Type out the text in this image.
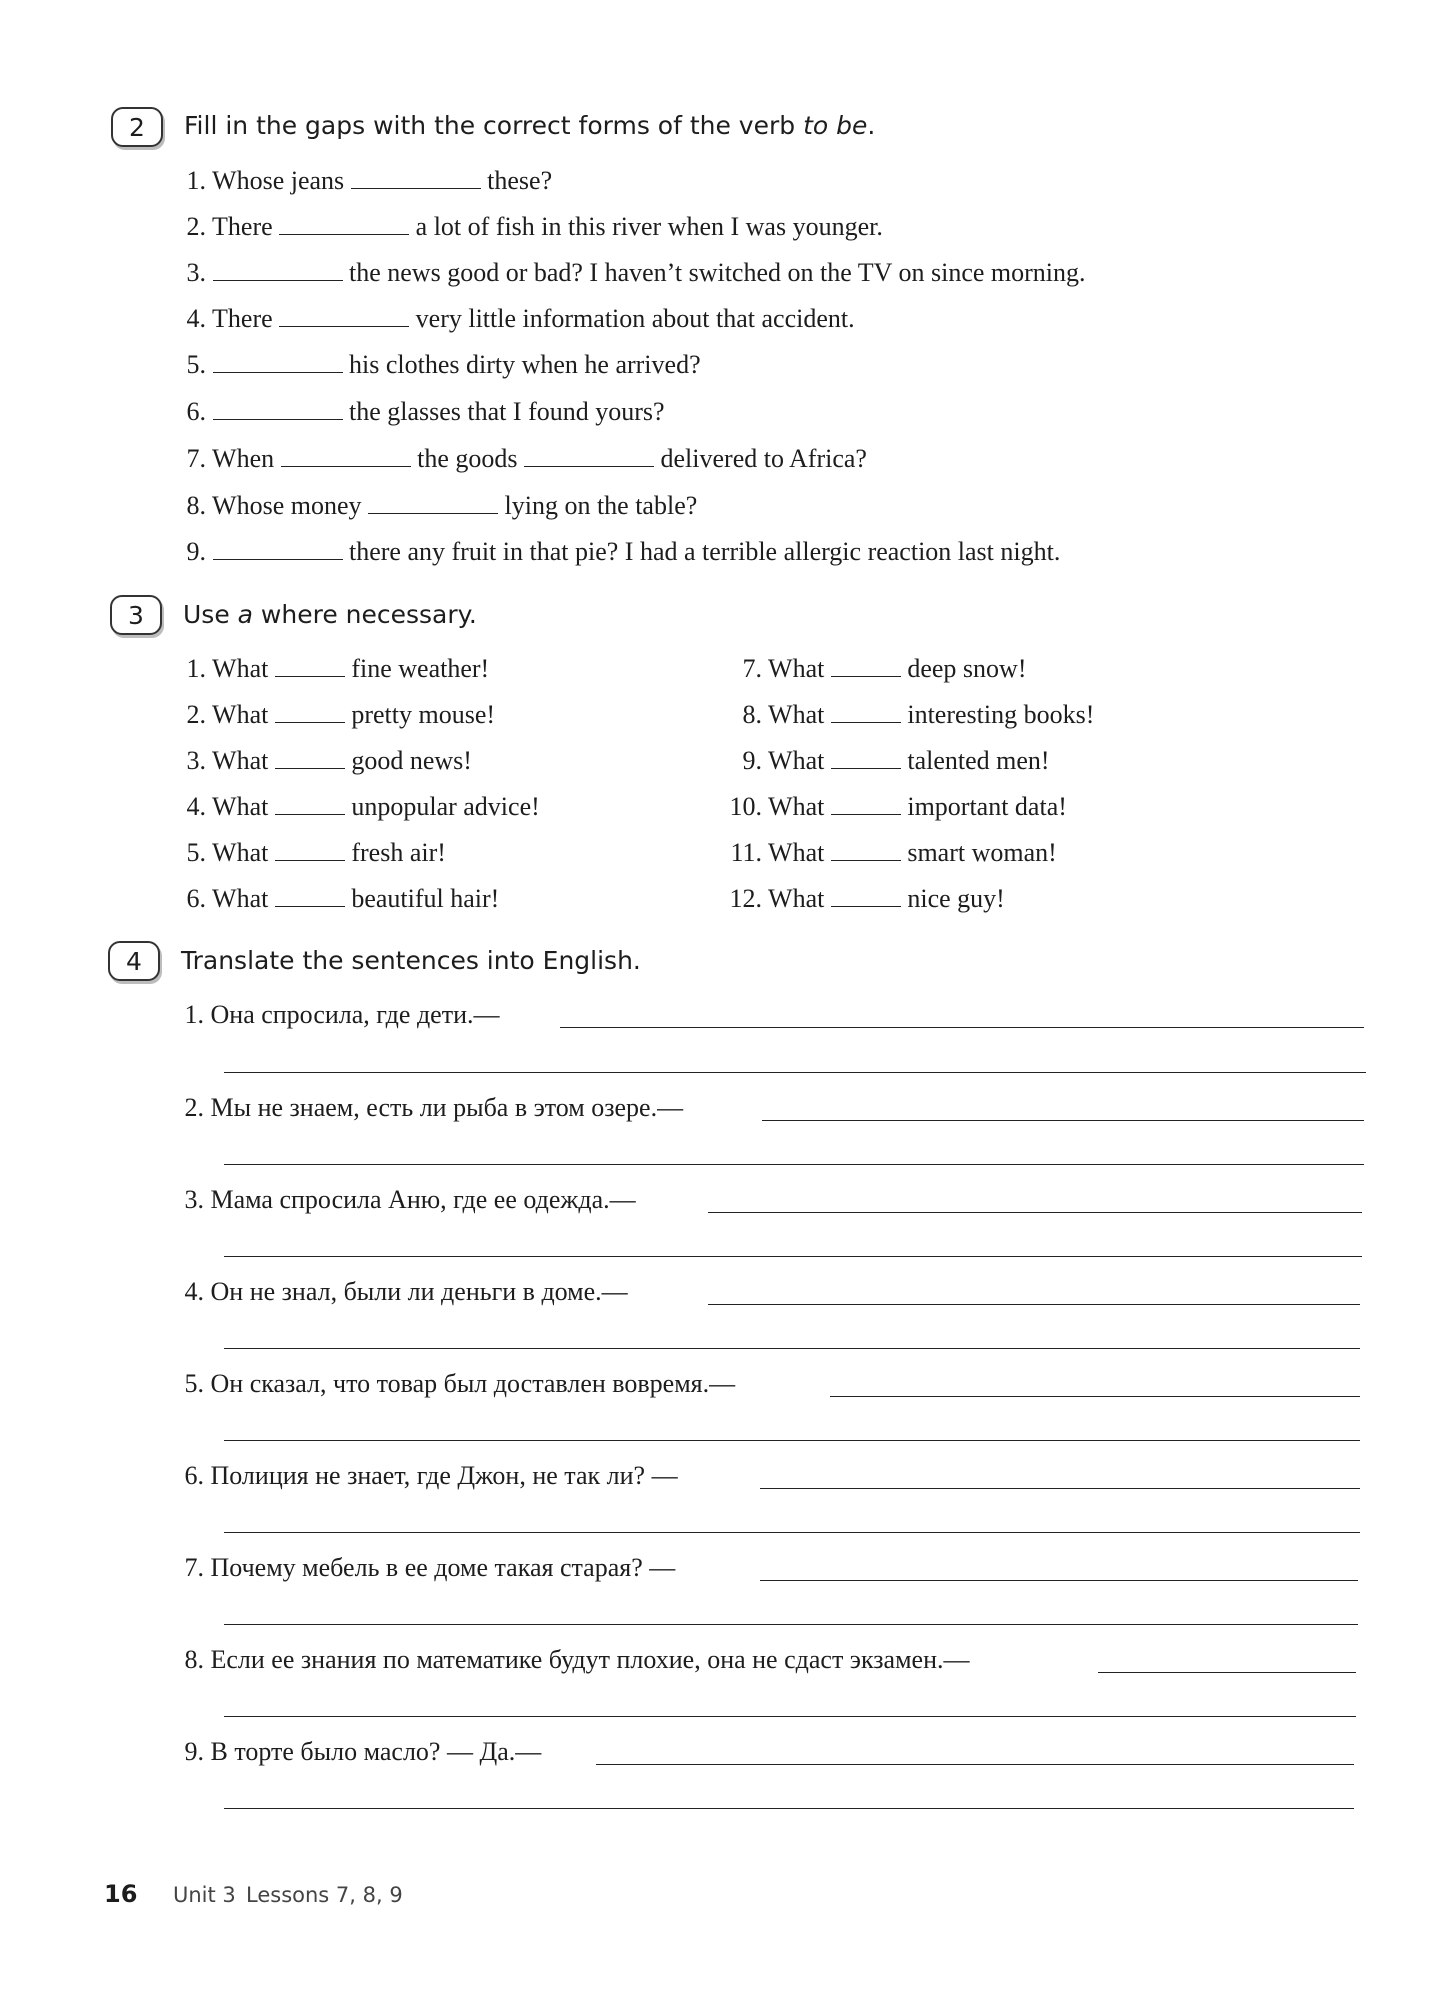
2	Fill in the gaps with the correct forms of the verb to be.
1. Whose jeans	these?
2. There	a lot of fish in this river when I was younger.
3.	the news good or bad? I haven’t switched on the TV on since morning.
4. There	very little information about that accident.
5.	his clothes dirty when he arrived?
6.	the glasses that I found yours?
7. When	the goods	delivered to Africa?
8. Whose money	lying on the table?
9.	there any fruit in that pie? I had a terrible allergic reaction last night.
3	Use a where necessary.
1. What	fine weather!
2. What	pretty mouse!
3. What	good news!
4. What	unpopular advice!
5. What	fresh air!
6. What	beautiful hair!
7. What	deep snow!
8. What	interesting books!
9. What	talented men!
10. What	important data!
11. What	smart woman!
12. What	nice guy!
4	Translate the sentences into English.
1. Она спросила, где дети.—
2. Мы не знаем, есть ли рыба в этом озере.—
3. Мама спросила Аню, где ее одежда.—
4. Он не знал, были ли деньги в доме.—
5. Он сказал, что товар был доставлен вовремя.—
6. Полиция не знает, где Джон, не так ли? —
7. Почему мебель в ее доме такая старая? —
8. Если ее знания по математике будут плохие, она не сдаст экзамен.—
9. В торте было масло? — Да.—
16 Unit 3 Lessons 7, 8, 9
